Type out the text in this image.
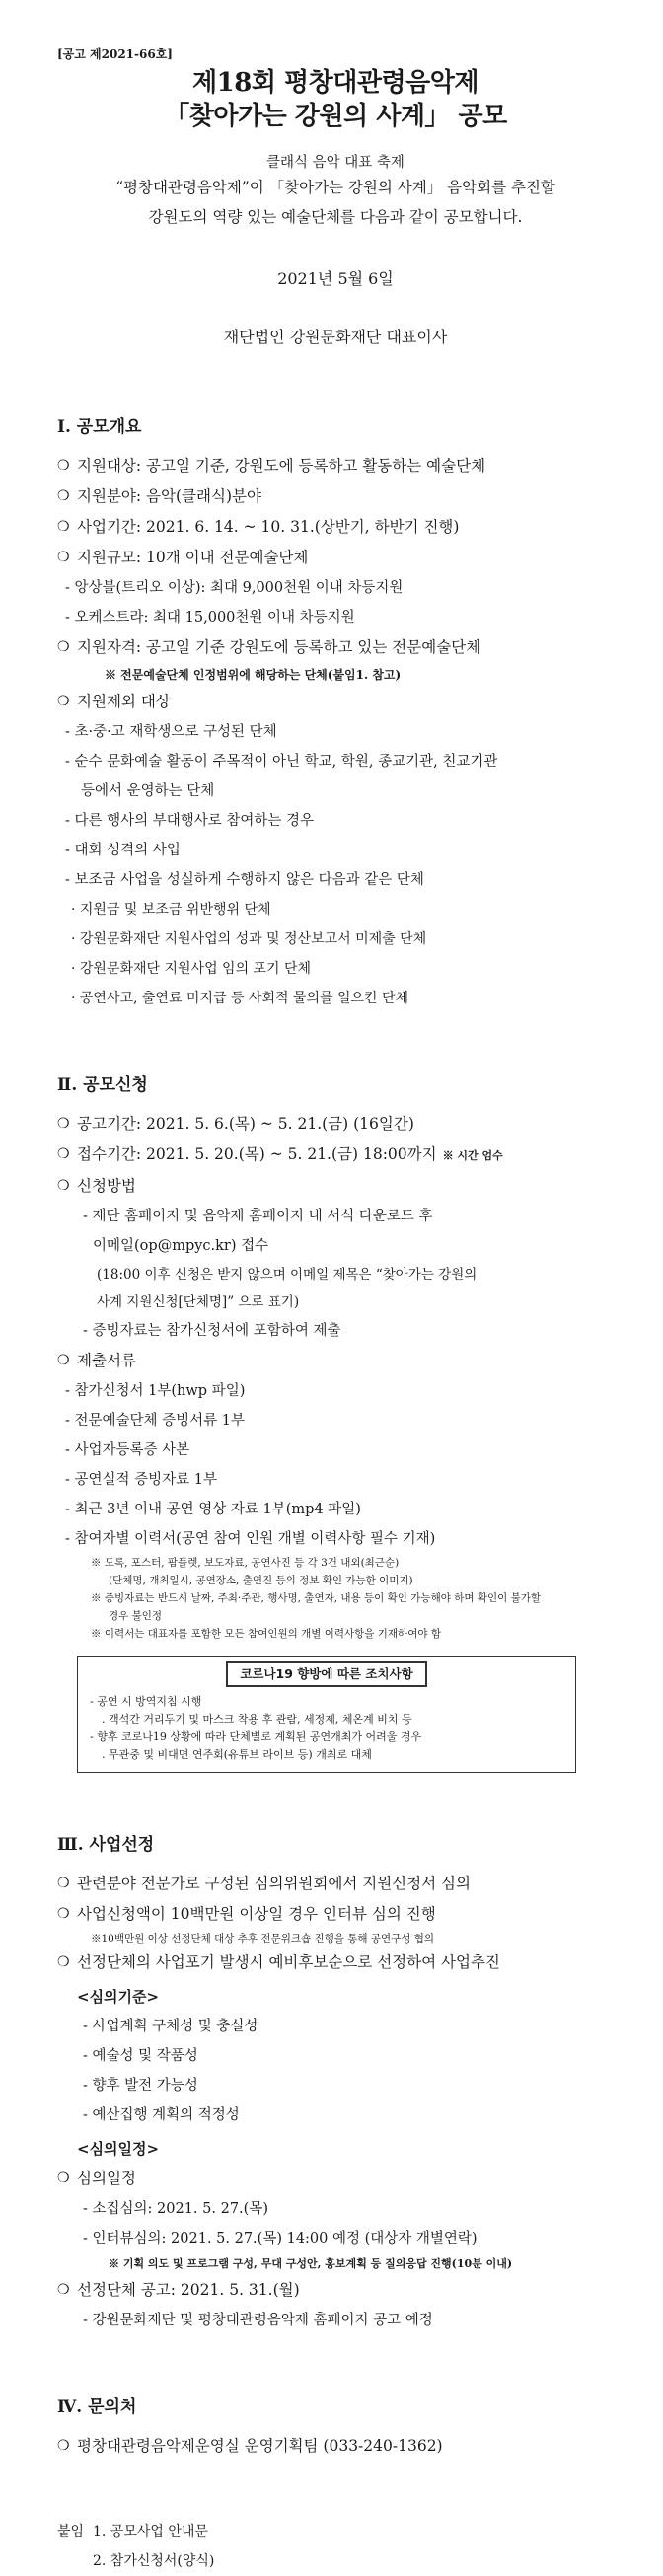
[공고 제2021-66호]
제18회 평창대관령음악제
「찾아가는 강원의 사계」 공모
클래식 음악 대표 축제
“평창대관령음악제”이 「찾아가는 강원의 사계」 음악회를 추진할
강원도의 역량 있는 예술단체를 다음과 같이 공모합니다.
2021년 5월 6일
재단법인 강원문화재단 대표이사
Ⅰ. 공모개요
❍ 지원대상: 공고일 기준, 강원도에 등록하고 활동하는 예술단체
❍ 지원분야: 음악(클래식)분야
❍ 사업기간: 2021. 6. 14. ~ 10. 31.(상반기, 하반기 진행)
❍ 지원규모: 10개 이내 전문예술단체
- 앙상블(트리오 이상): 최대 9,000천원 이내 차등지원
- 오케스트라: 최대 15,000천원 이내 차등지원
❍ 지원자격: 공고일 기준 강원도에 등록하고 있는 전문예술단체
※ 전문예술단체 인정범위에 해당하는 단체(붙임1. 참고)
❍ 지원제외 대상
- 초·중·고 재학생으로 구성된 단체
- 순수 문화예술 활동이 주목적이 아닌 학교, 학원, 종교기관, 친교기관
등에서 운영하는 단체
- 다른 행사의 부대행사로 참여하는 경우
- 대회 성격의 사업
- 보조금 사업을 성실하게 수행하지 않은 다음과 같은 단체
· 지원금 및 보조금 위반행위 단체
· 강원문화재단 지원사업의 성과 및 정산보고서 미제출 단체
· 강원문화재단 지원사업 임의 포기 단체
· 공연사고, 출연료 미지급 등 사회적 물의를 일으킨 단체
Ⅱ. 공모신청
❍ 공고기간: 2021. 5. 6.(목) ~ 5. 21.(금) (16일간)
❍ 접수기간: 2021. 5. 20.(목) ~ 5. 21.(금) 18:00까지 ※ 시간 엄수
❍ 신청방법
- 재단 홈페이지 및 음악제 홈페이지 내 서식 다운로드 후
이메일(op@mpyc.kr) 접수
(18:00 이후 신청은 받지 않으며 이메일 제목은 “찾아가는 강원의
사계 지원신청[단체명]” 으로 표기)
- 증빙자료는 참가신청서에 포함하여 제출
❍ 제출서류
- 참가신청서 1부(hwp 파일)
- 전문예술단체 증빙서류 1부
- 사업자등록증 사본
- 공연실적 증빙자료 1부
- 최근 3년 이내 공연 영상 자료 1부(mp4 파일)
- 참여자별 이력서(공연 참여 인원 개별 이력사항 필수 기재)
※ 도록, 포스터, 팜플렛, 보도자료, 공연사진 등 각 3건 내외(최근순)
(단체명, 개최일시, 공연장소, 출연진 등의 정보 확인 가능한 이미지)
※ 증빙자료는 반드시 날짜, 주최·주관, 행사명, 출연자, 내용 등이 확인 가능해야 하며 확인이 불가할
경우 불인정
※ 이력서는 대표자를 포함한 모든 참여인원의 개별 이력사항을 기재하여야 함
코로나19 향방에 따른 조치사항
- 공연 시 방역지침 시행
. 객석간 거리두기 및 마스크 착용 후 관람, 세정제, 체온계 비치 등
- 향후 코로나19 상황에 따라 단체별로 계획된 공연개최가 어려울 경우
. 무관중 및 비대면 연주회(유튜브 라이브 등) 개최로 대체
Ⅲ. 사업선정
❍ 관련분야 전문가로 구성된 심의위원회에서 지원신청서 심의
❍ 사업신청액이 10백만원 이상일 경우 인터뷰 심의 진행
※10백만원 이상 선정단체 대상 추후 전문위크숍 진행을 통해 공연구성 협의
❍ 선정단체의 사업포기 발생시 예비후보순으로 선정하여 사업추진
<심의기준>
- 사업계획 구체성 및 충실성
- 예술성 및 작품성
- 향후 발전 가능성
- 예산집행 계획의 적정성
<심의일정>
❍ 심의일정
- 소집심의: 2021. 5. 27.(목)
- 인터뷰심의: 2021. 5. 27.(목) 14:00 예정 (대상자 개별연락)
※ 기획 의도 및 프로그램 구성, 무대 구성안, 홍보계획 등 질의응답 진행(10분 이내)
❍ 선정단체 공고: 2021. 5. 31.(월)
- 강원문화재단 및 평창대관령음악제 홈페이지 공고 예정
Ⅳ. 문의처
❍ 평창대관령음악제운영실 운영기획팀 (033-240-1362)
붙임 1. 공모사업 안내문
2. 참가신청서(양식)
